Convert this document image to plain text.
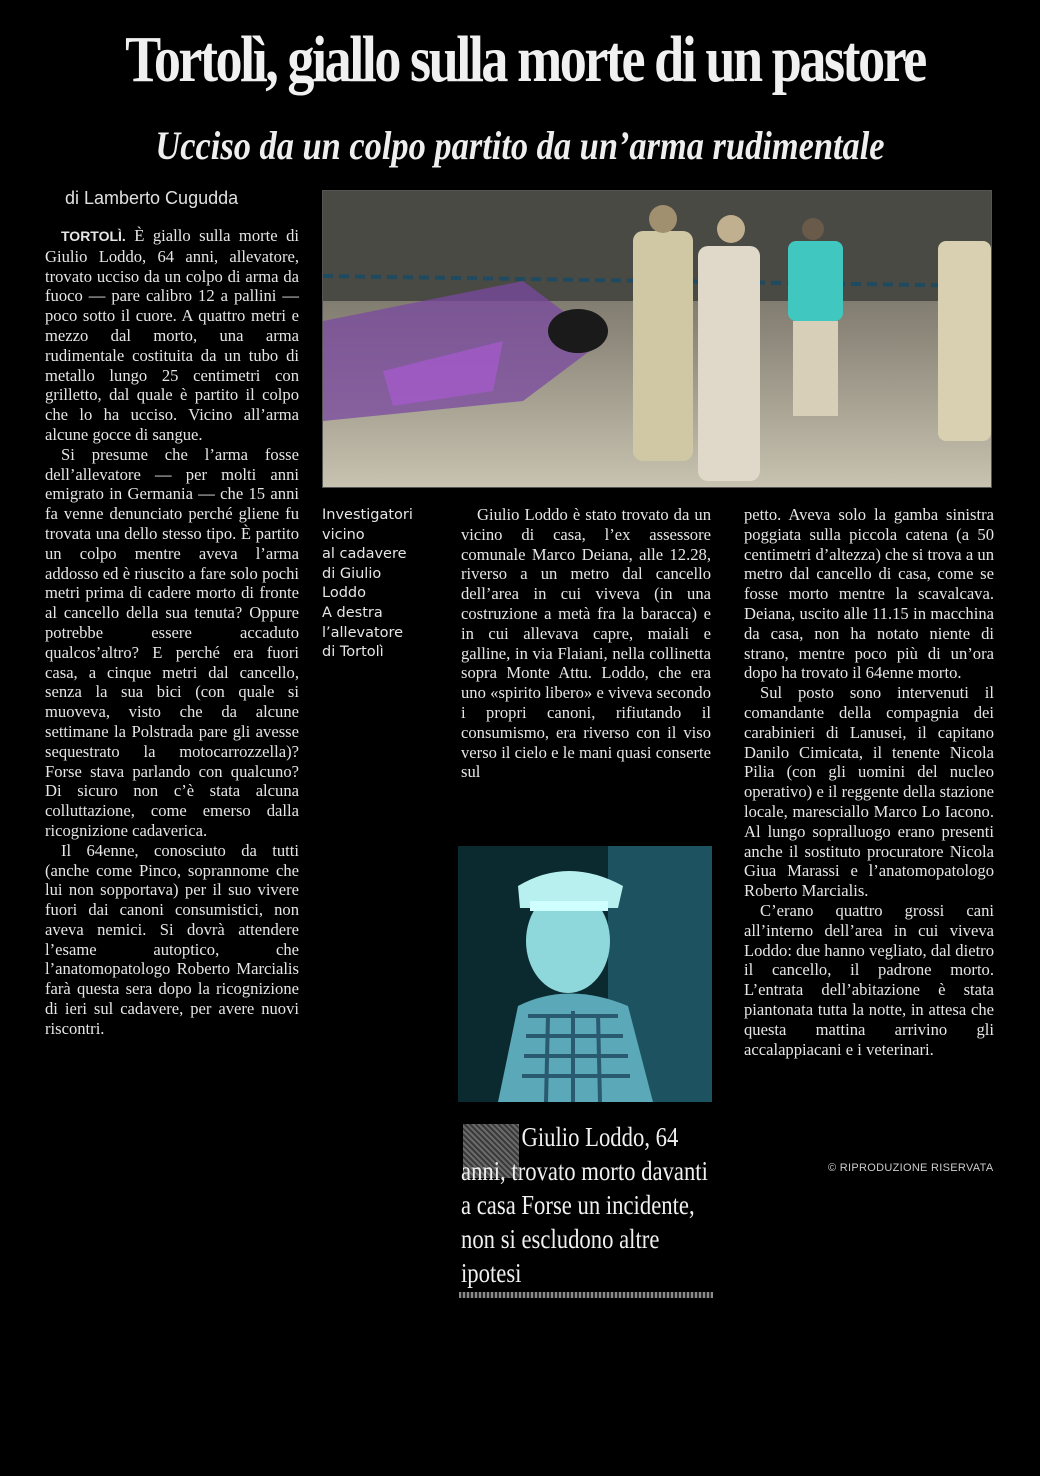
Tortolì, giallo sulla morte di un pastore
Ucciso da un colpo partito da un’arma rudimentale
di Lamberto Cugudda

TORTOLÌ. È giallo sulla morte di Giulio Loddo, 64 anni, allevatore, trovato ucciso da un colpo di arma da fuoco — pare calibro 12 a pallini — poco sotto il cuore. A quattro metri e mezzo dal morto, una arma rudimentale costituita da un tubo di metallo lungo 25 centimetri con grilletto, dal quale è partito il colpo che lo ha ucciso. Vicino all’arma alcune gocce di sangue.

Si presume che l’arma fosse dell’allevatore — per molti anni emigrato in Germania — che 15 anni fa venne denunciato perché gliene fu trovata una dello stesso tipo. È partito un colpo mentre aveva l’arma addosso ed è riuscito a fare solo pochi metri prima di cadere morto di fronte al cancello della sua tenuta? Oppure potrebbe essere accaduto qualcos’altro? E perché era fuori casa, a cinque metri dal cancello, senza la sua bici (con quale si muoveva, visto che da alcune settimane la Polstrada pare gli avesse sequestrato la motocarrozzella)? Forse stava parlando con qualcuno? Di sicuro non c’è stata alcuna colluttazione, come emerso dalla ricognizione cadaverica.

Il 64enne, conosciuto da tutti (anche come Pinco, soprannome che lui non sopportava) per il suo vivere fuori dai canoni consumistici, non aveva nemici. Si dovrà attendere l’esame autoptico, che l’anatomopatologo Roberto Marcialis farà questa sera dopo la ricognizione di ieri sul cadavere, per avere nuovi riscontri.

Investigatori
vicino
al cadavere
di Giulio
Loddo
A destra
l’allevatore
di Tortolì

Giulio Loddo è stato trovato da un vicino di casa, l’ex assessore comunale Marco Deiana, alle 12.28, riverso a un metro dal cancello dell’area in cui viveva (in una costruzione a metà fra la baracca) e in cui allevava capre, maiali e galline, in via Flaiani, nella collinetta sopra Monte Attu. Loddo, che era uno «spirito libero» e viveva secondo i propri canoni, rifiutando il consumismo, era riverso con il viso verso il cielo e le mani quasi conserte sul

petto. Aveva solo la gamba sinistra poggiata sulla piccola catena (a 50 centimetri d’altezza) che si trova a un metro dal cancello di casa, come se fosse morto mentre la scavalcava. Deiana, uscito alle 11.15 in macchina da casa, non ha notato niente di strano, mentre poco più di un’ora dopo ha trovato il 64enne morto.

Sul posto sono intervenuti il comandante della compagnia dei carabinieri di Lanusei, il capitano Danilo Cimicata, il tenente Nicola Pilia (con gli uomini del nucleo operativo) e il reggente della stazione locale, maresciallo Marco Lo Iacono. Al lungo sopralluogo erano presenti anche il sostituto procuratore Nicola Giua Marassi e l’anatomopatologo Roberto Marcialis.

C’erano quattro grossi cani all’interno dell’area in cui viveva Loddo: due hanno vegliato, dal dietro il cancello, il padrone morto. L’entrata dell’abitazione è stata piantonata tutta la notte, in attesa che questa mattina arrivino gli accalappiacani e i veterinari.

© RIPRODUZIONE RISERVATA
Giulio Loddo, 64 anni, trovato morto davanti a casa Forse un incidente, non si escludono altre ipotesi
